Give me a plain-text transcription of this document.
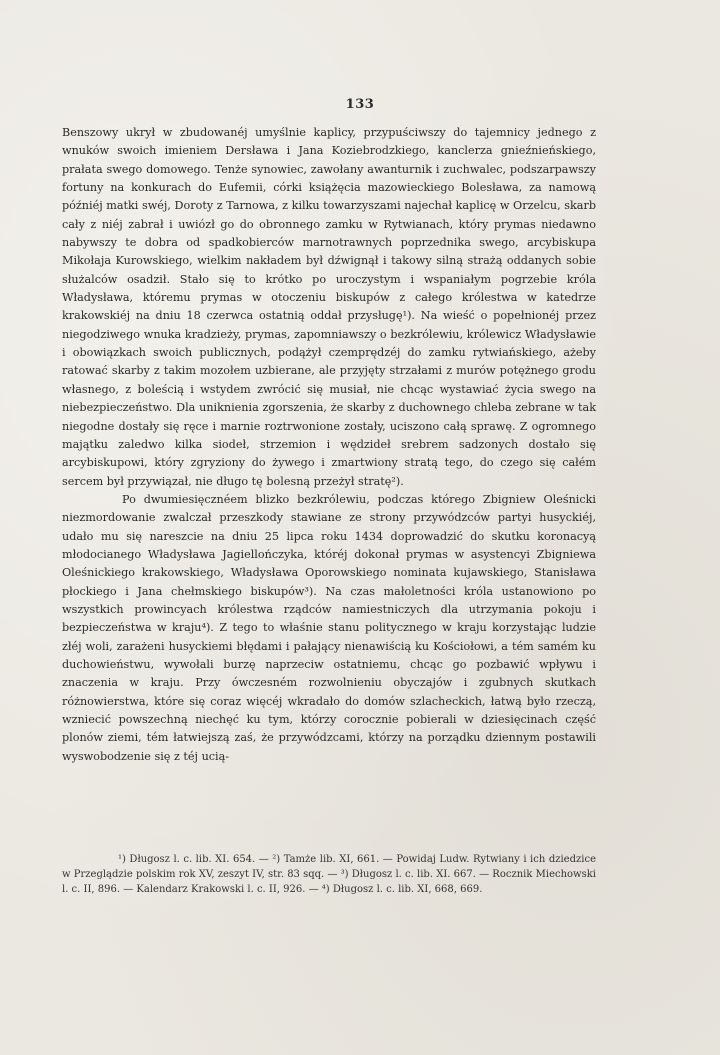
133

Benszowy ukrył w zbudowanéj umyślnie kaplicy, przypuściwszy do tajemnicy jednego z wnuków swoich imieniem Dersława i Jana Koziebrodzkiego, kanclerza gnieźnieńskiego, prałata swego domowego. Tenże synowiec, zawołany awanturnik i zuchwalec, podszarpawszy fortuny na konkurach do Eufemii, córki książęcia mazowieckiego Bolesława, za namową późniéj matki swéj, Doroty z Tarnowa, z kilku towarzyszami najechał kaplicę w Orzelcu, skarb cały z niéj zabrał i uwiózł go do obronnego zamku w Rytwianach, który prymas niedawno nabywszy te dobra od spadkobierców marnotrawnych poprzednika swego, arcybiskupa Mikołaja Kurowskiego, wielkim nakładem był dźwignął i takowy silną strażą oddanych sobie służalców osadził. Stało się to krótko po uroczystym i wspaniałym pogrzebie króla Władysława, któremu prymas w otoczeniu biskupów z całego królestwa w katedrze krakowskiéj na dniu 18 czerwca ostatnią oddał przysługę¹). Na wieść o popełnionéj przez niegodziwego wnuka kradzieży, prymas, zapomniawszy o bezkrólewiu, królewicz Władysławie i obowiązkach swoich publicznych, podążył czemprędzéj do zamku rytwiańskiego, ażeby ratować skarby z takim mozołem uzbierane, ale przyjęty strzałami z murów potężnego grodu własnego, z boleścią i wstydem zwrócić się musiał, nie chcąc wystawiać życia swego na niebezpieczeństwo. Dla uniknienia zgorszenia, że skarby z duchownego chleba zebrane w tak niegodne dostały się ręce i marnie roztrwonione zostały, uciszono całą sprawę. Z ogromnego majątku zaledwo kilka siodeł, strzemion i wędzideł srebrem sadzonych dostało się arcybiskupowi, który zgryziony do żywego i zmartwiony stratą tego, do czego się całém sercem był przywiązał, nie długo tę bolesną przeżył stratę²).

Po dwumiesięcznéem blizko bezkrólewiu, podczas którego Zbigniew Oleśnicki niezmordowanie zwalczał przeszkody stawiane ze strony przywódzców partyi husyckiéj, udało mu się nareszcie na dniu 25 lipca roku 1434 doprowadzić do skutku koronacyą młodocianego Władysława Jagiellończyka, któréj dokonał prymas w asystencyi Zbigniewa Oleśnickiego krakowskiego, Władysława Oporowskiego nominata kujawskiego, Stanisława płockiego i Jana chełmskiego biskupów³). Na czas małoletności króla ustanowiono po wszystkich prowincyach królestwa rządców namiestniczych dla utrzymania pokoju i bezpieczeństwa w kraju⁴). Z tego to właśnie stanu politycznego w kraju korzystając ludzie złéj woli, zarażeni husyckiemi błędami i pałający nienawiścią ku Kościołowi, a tém samém ku duchowieństwu, wywołali burzę naprzeciw ostatniemu, chcąc go pozbawić wpływu i znaczenia w kraju. Przy ówczesném rozwolnieniu obyczajów i zgubnych skutkach różnowierstwa, które się coraz więcéj wkradało do domów szlacheckich, łatwą było rzeczą, wzniecić powszechną niechęć ku tym, którzy corocznie pobierali w dziesięcinach część plonów ziemi, tém łatwiejszą zaś, że przywódzcami, którzy na porządku dziennym postawili wyswobodzenie się z téj ucią-

¹) Długosz l. c. lib. XI. 654. — ²) Tamże lib. XI, 661. — Powidaj Ludw. Rytwiany i ich dziedzice w Przeglądzie polskim rok XV, zeszyt IV, str. 83 sqq. — ³) Długosz l. c. lib. XI. 667. — Rocznik Miechowski l. c. II, 896. — Kalendarz Krakowski l. c. II, 926. — ⁴) Długosz l. c. lib. XI, 668, 669.
